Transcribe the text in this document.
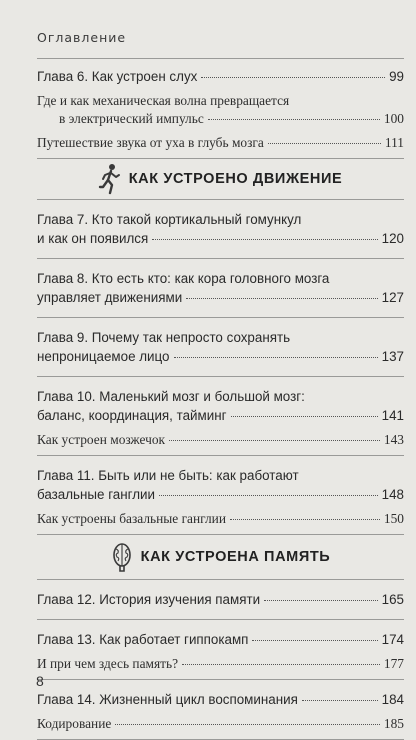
Оглавление
Глава 6. Как устроен слух	99
Где и как механическая волна превращается
в электрический импульс	100
Путешествие звука от уха в глубь мозга	111
КАК УСТРОЕНО ДВИЖЕНИЕ
Глава 7. Кто такой кортикальный гомункул
и как он появился	120
Глава 8. Кто есть кто: как кора головного мозга
управляет движениями	127
Глава 9. Почему так непросто сохранять
непроницаемое лицо	137
Глава 10. Маленький мозг и большой мозг:
баланс, координация, тайминг	141
Как устроен мозжечок	143
Глава 11. Быть или не быть: как работают
базальные ганглии	148
Как устроены базальные ганглии	150
КАК УСТРОЕНА ПАМЯТЬ
Глава 12. История изучения памяти	165
Глава 13. Как работает гиппокамп	174
И при чем здесь память?	177
Глава 14. Жизненный цикл воспоминания	184
Кодирование	185
8
